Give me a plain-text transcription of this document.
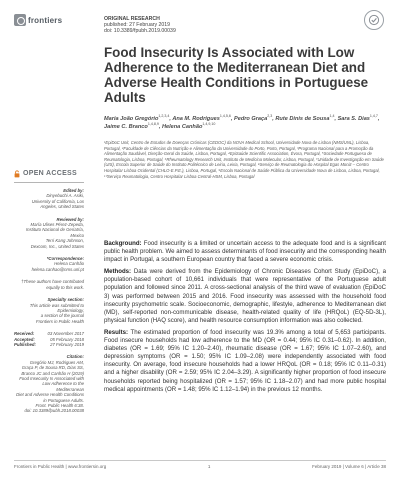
frontiers	ORIGINAL RESEARCH
published: 27 February 2019
doi: 10.3389/fpubh.2019.00039
Food Insecurity Is Associated with Low Adherence to the Mediterranean Diet and Adverse Health Conditions in Portuguese Adults
Maria João Gregório$^{1,2,3,4}$, Ana M. Rodrigues$^{1,4,5,6}$, Pedro Graça$^{2,3}$, Rute Dinis de Sousa$^{1,4}$, Sara S. Dias$^{1,4,7}$, Jaime C. Branco$^{1,4,8,9}$, Helena Canhão$^{1,4,9,10}$
¹EpiDoC Unit, Centro de Estudos de Doenças Crónicas (CEDOC) da NOVA Medical School, Universidade Nova de Lisboa (NMS/UNL), Lisboa, Portugal, ²Faculdade de Ciências da Nutrição e Alimentação da Universidade do Porto, Porto, Portugal, ³Programa Nacional para a Promoção da Alimentação Saudável, Direção-Geral da Saúde, Lisboa, Portugal, ⁴EpiSaúde Scientific Association, Évora, Portugal, ⁵Sociedade Portuguesa de Reumatologia, Lisboa, Portugal, ⁶Rheumatology Research Unit, Instituto de Medicina Molecular, Lisboa, Portugal, ⁷Unidade de Investigação em Saúde (UIS), Escola Superior de Saúde do Instituto Politécnico de Leiria, Leiria, Portugal, ⁸Serviço de Reumatologia do Hospital Egas Moniz – Centro Hospitalar Lisboa Ocidental (CHLO-E.P.E.), Lisboa, Portugal, ⁹Escola Nacional de Saúde Pública da Universidade Nova de Lisboa, Lisboa, Portugal, ¹⁰Serviço Reumatologia, Centro Hospitalar Lisboa Central-HSM, Lisboa, Portugal
OPEN ACCESS
Edited by:
Dinyebuchi A. Asiki,
University of California, Los Angeles, United States
Reviewed by:
María Ulises Pérez-Zepeda,
Instituto Nacional de Geriatría, Mexico
Terri Kang Johnson,
Dexcom, Inc., United States
*Correspondence:
Helena Canhão
helena.canhao@nms.unl.pt
†These authors have contributed
equally to this work.
Specialty section:
This article was submitted to
Epidemiology,
a section of the journal
Frontiers in Public Health
Received:	03 November 2017
Accepted:	05 February 2018
Published:	27 February 2019
Citation:
Gregório MJ, Rodrigues AM,
Graça P, de Sousa RD, Dias SS,
Branco JC and Canhão H (2019)
Food Insecurity Is Associated with
Low Adherence to the Mediterranean
Diet and Adverse Health Conditions
in Portuguese Adults.
Front. Public Health 6:38.
doi: 10.3389/fpubh.2018.00038

Background: Food insecurity is a limited or uncertain access to the adequate food and is a significant public health problem. We aimed to assess determinants of food insecurity and the corresponding health impact in Portugal, a southern European country that faced a severe economic crisis.

Methods: Data were derived from the Epidemiology of Chronic Diseases Cohort Study (EpiDoC), a population-based cohort of 10,661 individuals that were representative of the Portuguese adult population and followed since 2011. A cross-sectional analysis of the third wave of evaluation (EpiDoC 3) was performed between 2015 and 2016. Food insecurity was assessed with the household food insecurity psychometric scale. Socioeconomic, demographic, lifestyle, adherence to Mediterranean diet (MD), self-reported non-communicable disease, health-related quality of life (HRQoL) (EQ-5D-3L), physical function (HAQ score), and health resource consumption information was also collected.

Results: The estimated proportion of food insecurity was 19.3% among a total of 5,653 participants. Food insecure households had low adherence to the MD (OR = 0.44; 95% IC 0.31–0.62). In addition, diabetes (OR = 1.69; 95% IC 1.20–2.40), rheumatic disease (OR = 1.67; 95% IC 1.07–2.60), and depression symptoms (OR = 1.50; 95% IC 1.09–2.08) were independently associated with food insecurity. On average, food insecure households had a lower HRQoL (OR = 0.18; 95% IC 0.11–0.31) and a higher disability (OR = 2.59; 95% IC 2.04–3.29). A significantly higher proportion of food insecure households reported being hospitalized (OR = 1.57; 95% IC 1.18–2.07) and had more public hospital medical appointments (OR = 1.48; 95% IC 1.12–1.94) in the previous 12 months.

Frontiers in Public Health | www.frontiersin.org	1	February 2019 | Volume 6 | Article 38
